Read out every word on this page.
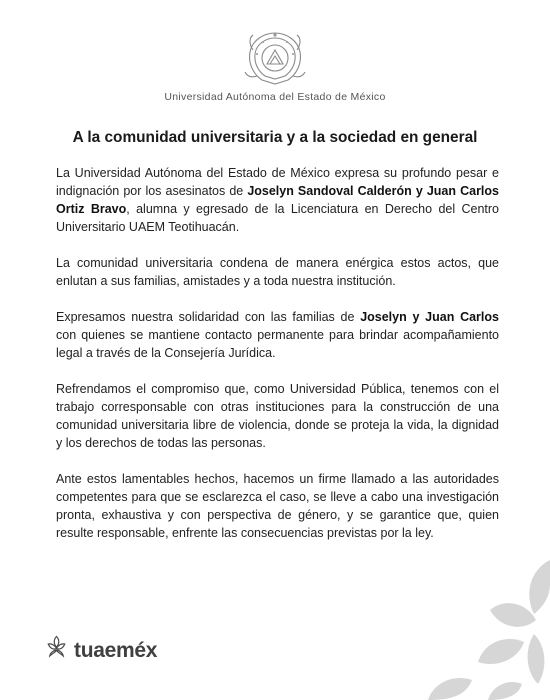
Universidad Autónoma del Estado de México
A la comunidad universitaria y a la sociedad en general

La Universidad Autónoma del Estado de México expresa su profundo pesar e indignación por los asesinatos de Joselyn Sandoval Calderón y Juan Carlos Ortiz Bravo, alumna y egresado de la Licenciatura en Derecho del Centro Universitario UAEM Teotihuacán.

La comunidad universitaria condena de manera enérgica estos actos, que enlutan a sus familias, amistades y a toda nuestra institución.

Expresamos nuestra solidaridad con las familias de Joselyn y Juan Carlos con quienes se mantiene contacto permanente para brindar acompañamiento legal a través de la Consejería Jurídica.

Refrendamos el compromiso que, como Universidad Pública, tenemos con el trabajo corresponsable con otras instituciones para la construcción de una comunidad universitaria libre de violencia, donde se proteja la vida, la dignidad y los derechos de todas las personas.

Ante estos lamentables hechos, hacemos un firme llamado a las autoridades competentes para que se esclarezca el caso, se lleve a cabo una investigación pronta, exhaustiva y con perspectiva de género, y se garantice que, quien resulte responsable, enfrente las consecuencias previstas por la ley.

tuaeméx
